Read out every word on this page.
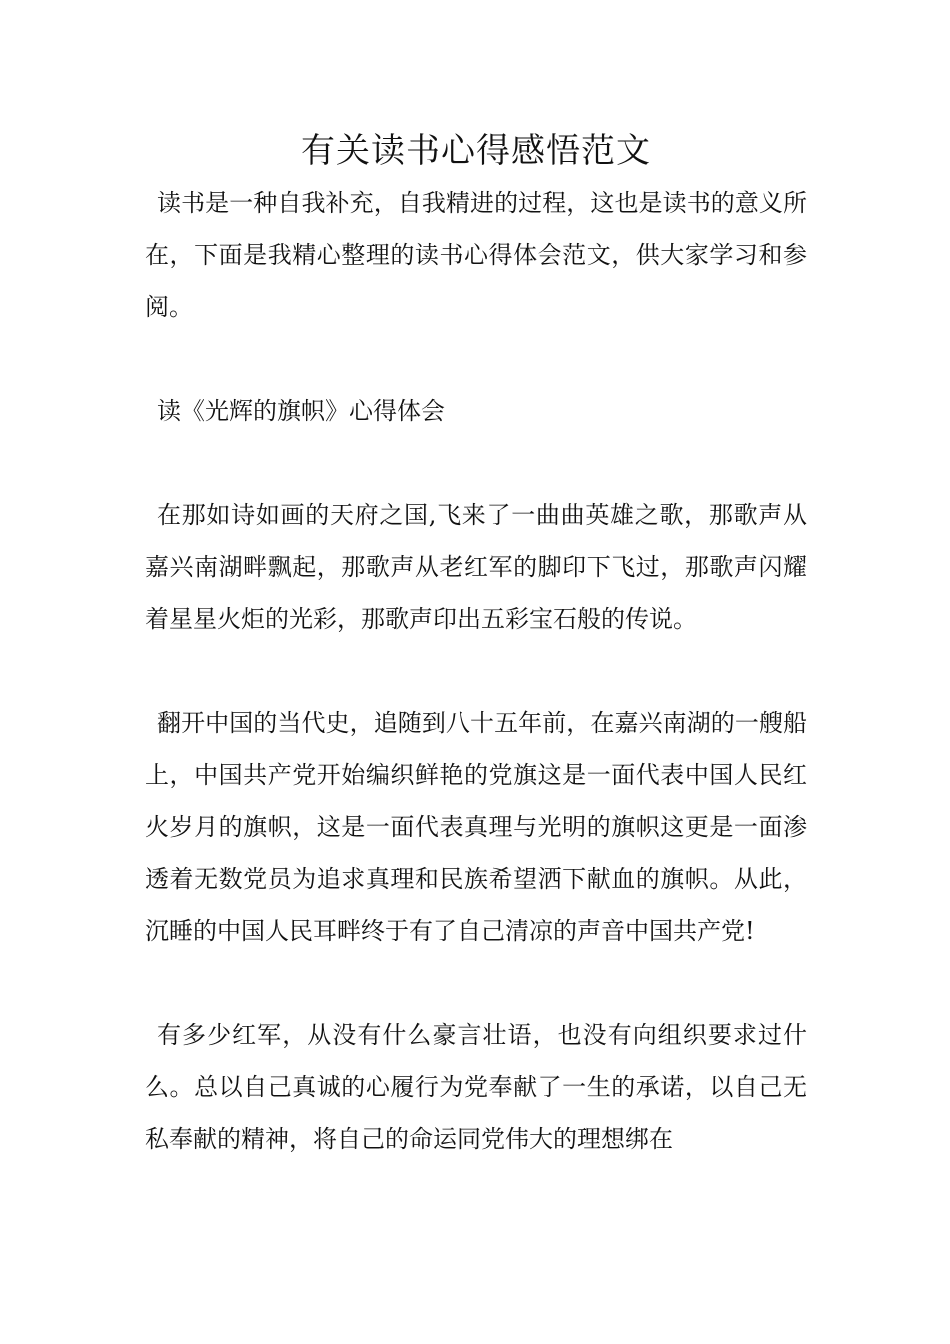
有关读书心得感悟范文

读书是一种自我补充，自我精进的过程，这也是读书的意义所在，下面是我精心整理的读书心得体会范文，供大家学习和参阅。

读《光辉的旗帜》心得体会

在那如诗如画的天府之国,飞来了一曲曲英雄之歌，那歌声从嘉兴南湖畔飘起，那歌声从老红军的脚印下飞过，那歌声闪耀着星星火炬的光彩，那歌声印出五彩宝石般的传说。

翻开中国的当代史，追随到八十五年前，在嘉兴南湖的一艘船上，中国共产党开始编织鲜艳的党旗这是一面代表中国人民红火岁月的旗帜，这是一面代表真理与光明的旗帜这更是一面渗透着无数党员为追求真理和民族希望洒下献血的旗帜。从此，沉睡的中国人民耳畔终于有了自己清凉的声音中国共产党!

有多少红军，从没有什么豪言壮语，也没有向组织要求过什么。总以自己真诚的心履行为党奉献了一生的承诺，以自己无私奉献的精神，将自己的命运同党伟大的理想绑在
